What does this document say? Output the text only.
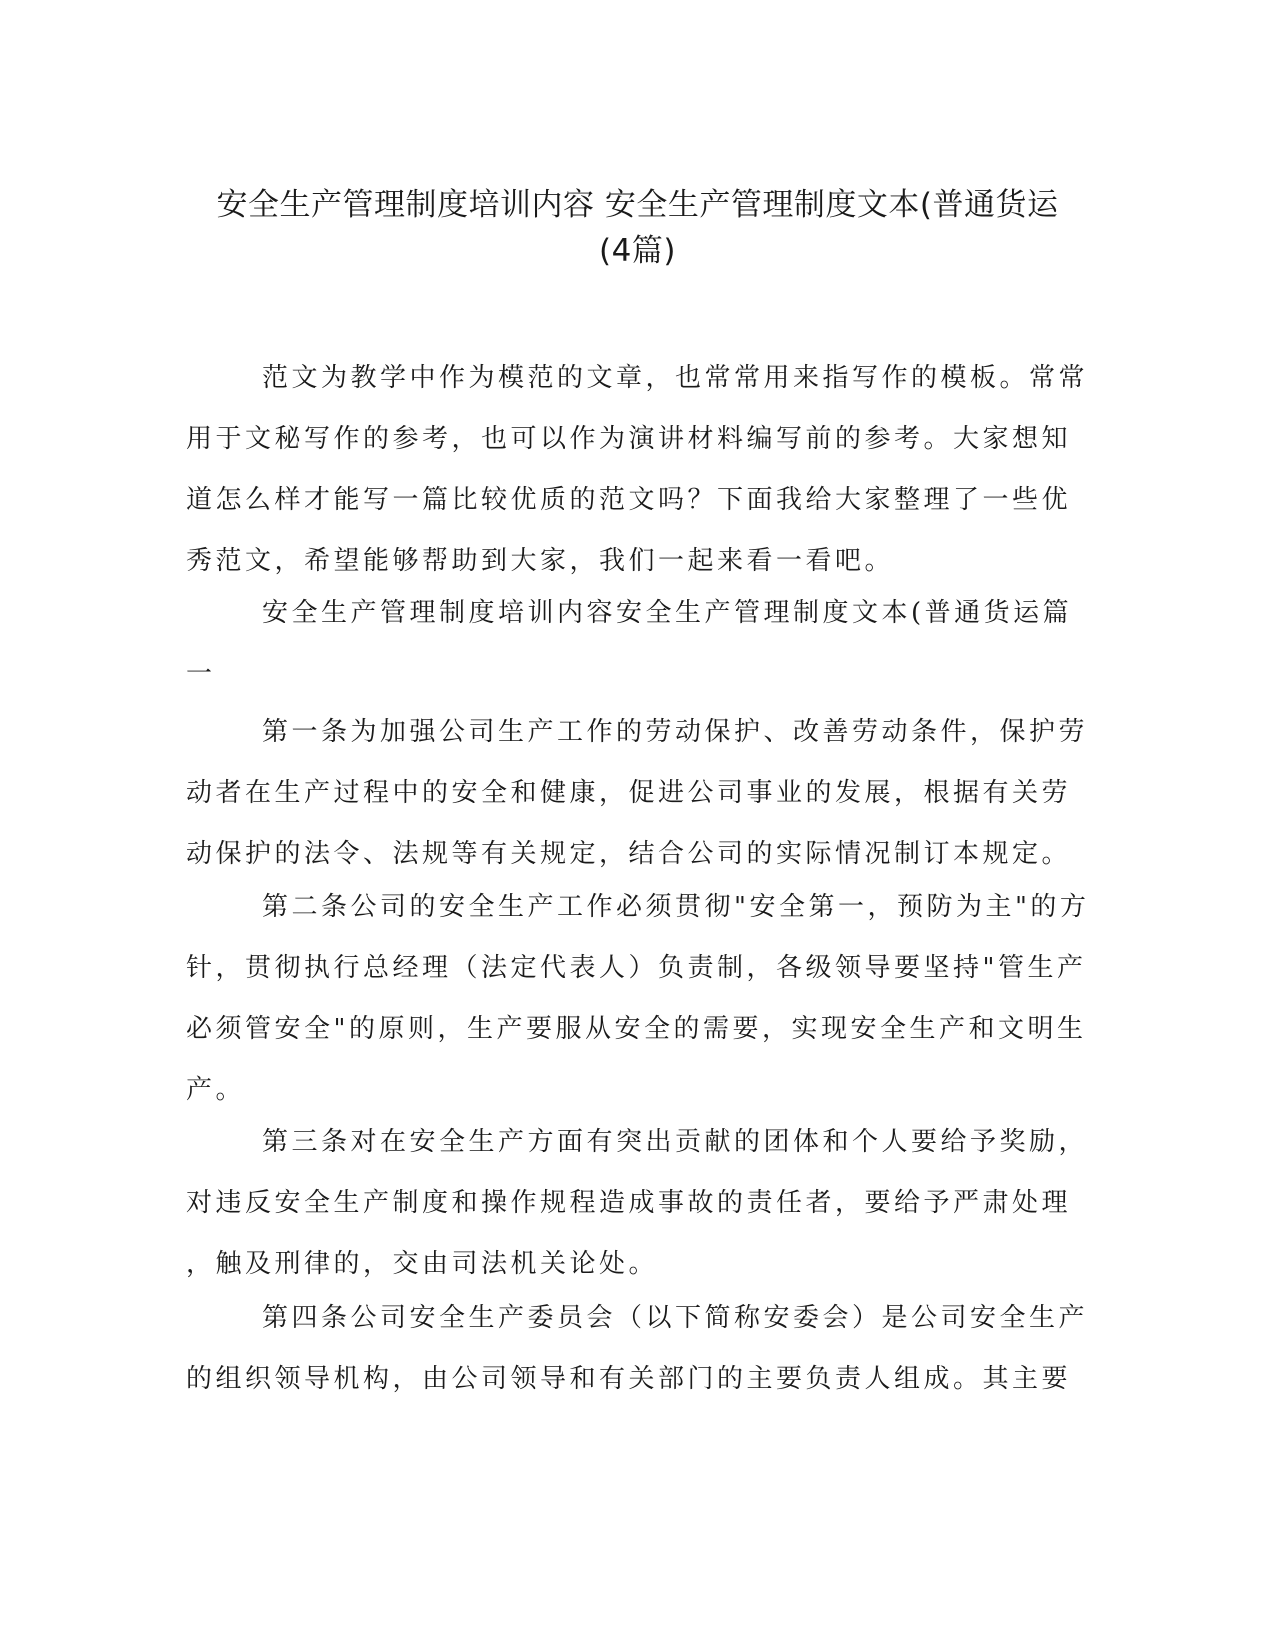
安全生产管理制度培训内容 安全生产管理制度文本(普通货运
(4篇)
范文为教学中作为模范的文章，也常常用来指写作的模板。常常
用于文秘写作的参考，也可以作为演讲材料编写前的参考。大家想知
道怎么样才能写一篇比较优质的范文吗？下面我给大家整理了一些优
秀范文，希望能够帮助到大家，我们一起来看一看吧。
安全生产管理制度培训内容安全生产管理制度文本(普通货运篇
一
第一条为加强公司生产工作的劳动保护、改善劳动条件，保护劳
动者在生产过程中的安全和健康，促进公司事业的发展，根据有关劳
动保护的法令、法规等有关规定，结合公司的实际情况制订本规定。
第二条公司的安全生产工作必须贯彻"安全第一，预防为主"的方
针，贯彻执行总经理（法定代表人）负责制，各级领导要坚持"管生产
必须管安全"的原则，生产要服从安全的需要，实现安全生产和文明生
产。
第三条对在安全生产方面有突出贡献的团体和个人要给予奖励，
对违反安全生产制度和操作规程造成事故的责任者，要给予严肃处理
，触及刑律的，交由司法机关论处。
第四条公司安全生产委员会（以下简称安委会）是公司安全生产
的组织领导机构，由公司领导和有关部门的主要负责人组成。其主要
